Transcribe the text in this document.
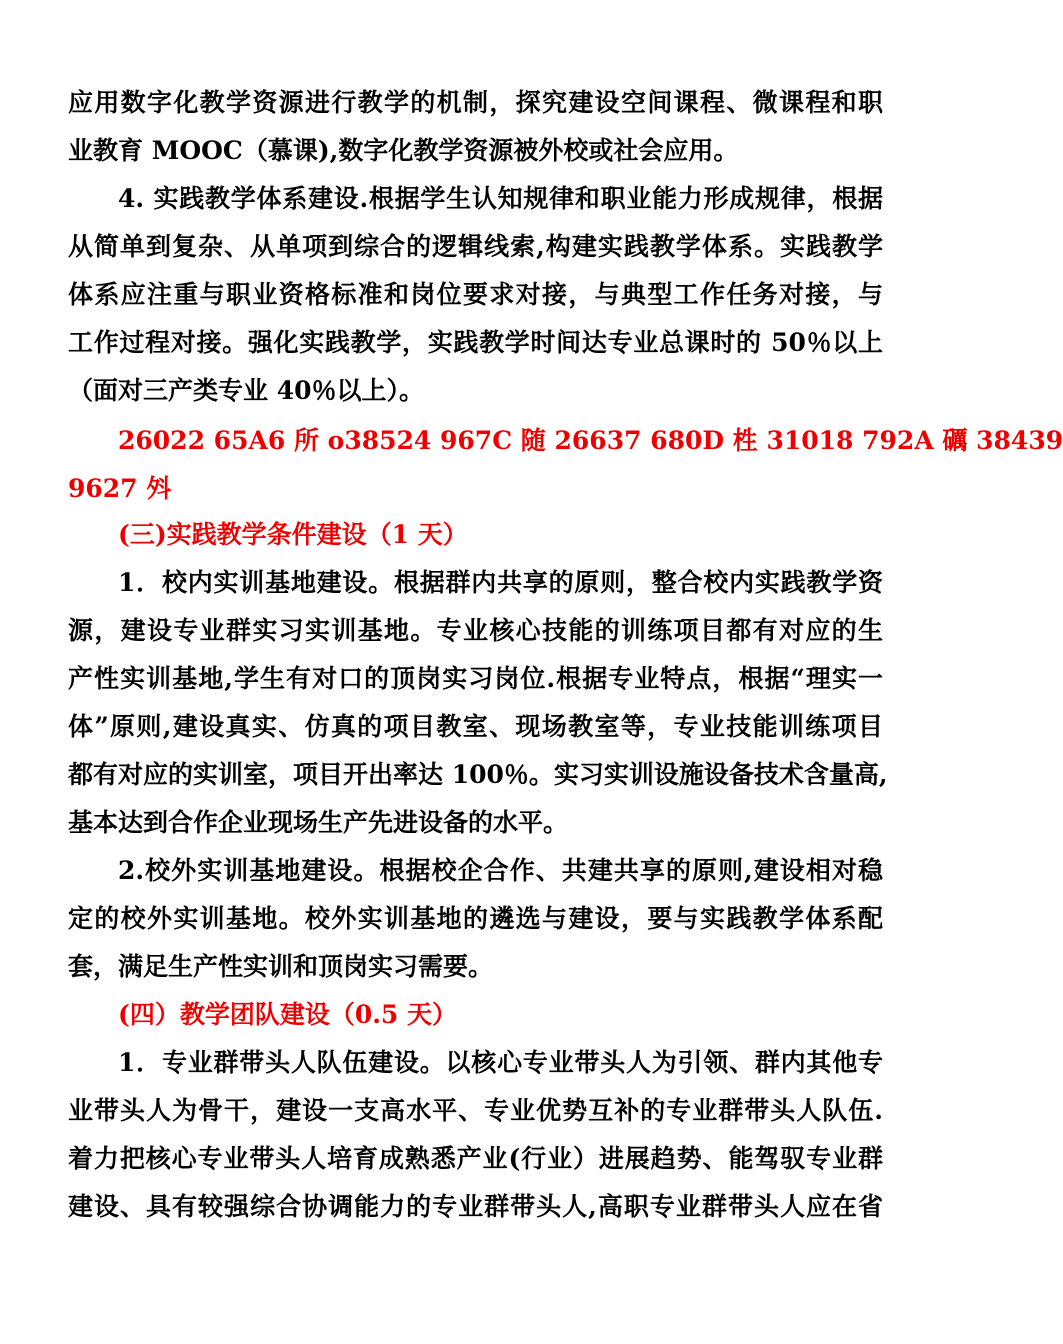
应用数字化教学资源进行教学的机制，探究建设空间课程、微课程和职
业教育 MOOC（慕课),数字化教学资源被外校或社会应用。
4. 实践教学体系建设.根据学生认知规律和职业能力形成规律，根据
从简单到复杂、从单项到综合的逻辑线索,构建实践教学体系。实践教学
体系应注重与职业资格标准和岗位要求对接，与典型工作任务对接，与
工作过程对接。强化实践教学，实践教学时间达专业总课时的 50％以上
（面对三产类专业 40％以上）。
26022 65A6 所 o38524 967C 随 26637 680D 栍 31018 792A 礪 38439
9627 斘
(三)实践教学条件建设（1 天）
1．校内实训基地建设。根据群内共享的原则，整合校内实践教学资
源，建设专业群实习实训基地。专业核心技能的训练项目都有对应的生
产性实训基地,学生有对口的顶岗实习岗位.根据专业特点，根据“理实一
体”原则,建设真实、仿真的项目教室、现场教室等，专业技能训练项目
都有对应的实训室，项目开出率达 100％。实习实训设施设备技术含量高,
基本达到合作企业现场生产先进设备的水平。
2.校外实训基地建设。根据校企合作、共建共享的原则,建设相对稳
定的校外实训基地。校外实训基地的遴选与建设，要与实践教学体系配
套，满足生产性实训和顶岗实习需要。
(四）教学团队建设（0.5 天）
1．专业群带头人队伍建设。以核心专业带头人为引领、群内其他专
业带头人为骨干，建设一支高水平、专业优势互补的专业群带头人队伍.
着力把核心专业带头人培育成熟悉产业(行业）进展趋势、能驾驭专业群
建设、具有较强综合协调能力的专业群带头人,高职专业群带头人应在省
